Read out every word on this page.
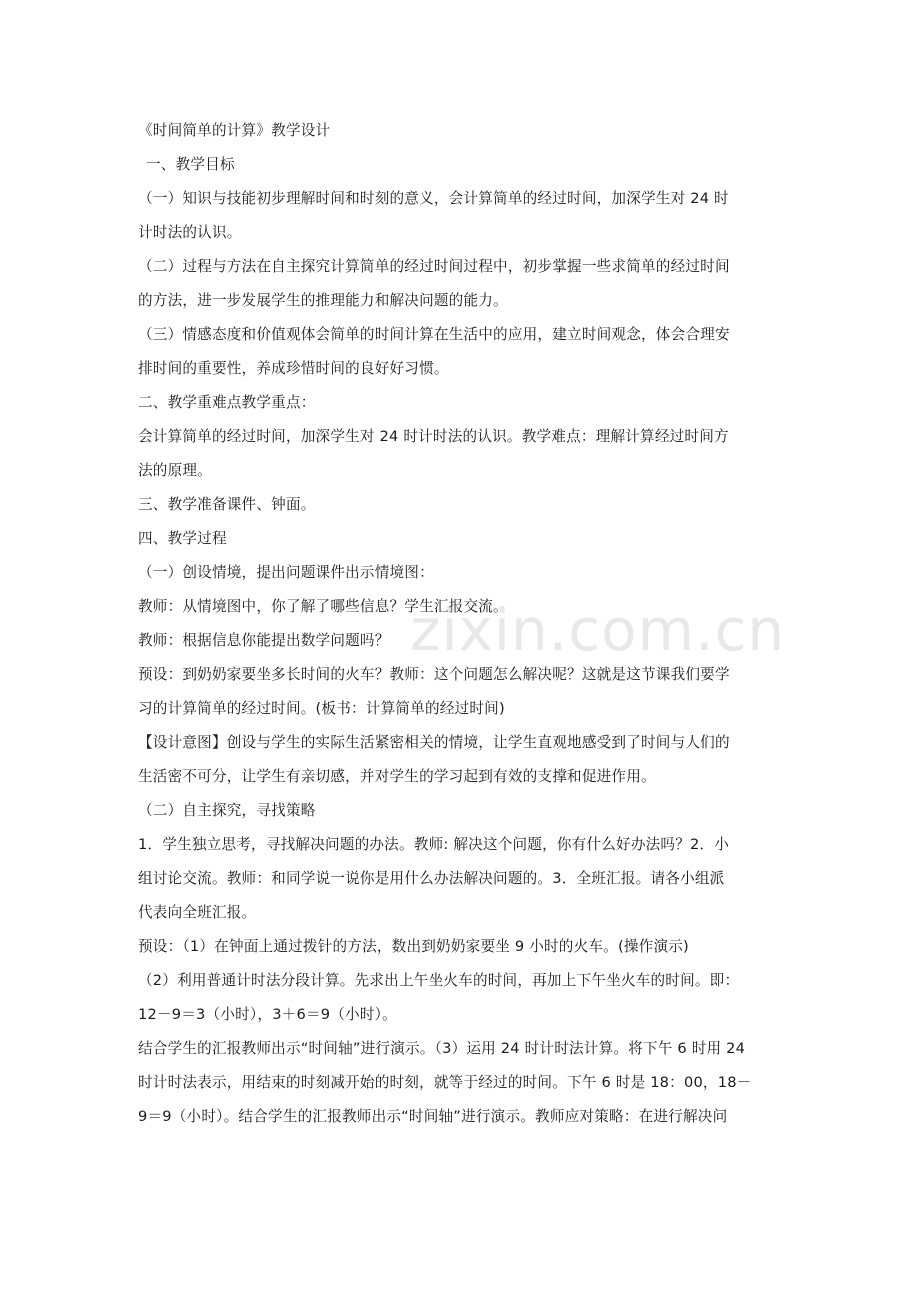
《时间简单的计算》教学设计
一、教学目标
（一）知识与技能初步理解时间和时刻的意义，会计算简单的经过时间，加深学生对 24 时
计时法的认识。
（二）过程与方法在自主探究计算简单的经过时间过程中，初步掌握一些求简单的经过时间
的方法，进一步发展学生的推理能力和解决问题的能力。
（三）情感态度和价值观体会简单的时间计算在生活中的应用，建立时间观念，体会合理安
排时间的重要性，养成珍惜时间的良好好习惯。
二、教学重难点教学重点：
会计算简单的经过时间，加深学生对 24 时计时法的认识。教学难点：理解计算经过时间方
法的原理。
三、教学准备课件、钟面。
四、教学过程
（一）创设情境，提出问题课件出示情境图：
教师：从情境图中，你了解了哪些信息？学生汇报交流。
教师：根据信息你能提出数学问题吗？
预设：到奶奶家要坐多长时间的火车？教师：这个问题怎么解决呢？这就是这节课我们要学
习的计算简单的经过时间。(板书：计算简单的经过时间)
【设计意图】创设与学生的实际生活紧密相关的情境，让学生直观地感受到了时间与人们的
生活密不可分，让学生有亲切感，并对学生的学习起到有效的支撑和促进作用。
（二）自主探究，寻找策略
1．学生独立思考，寻找解决问题的办法。教师: 解决这个问题，你有什么好办法吗？2．小
组讨论交流。教师：和同学说一说你是用什么办法解决问题的。3．全班汇报。请各小组派
代表向全班汇报。
预设：（1）在钟面上通过拨针的方法，数出到奶奶家要坐 9 小时的火车。(操作演示)
（2）利用普通计时法分段计算。先求出上午坐火车的时间，再加上下午坐火车的时间。即：
12－9＝3（小时），3＋6＝9（小时）。
结合学生的汇报教师出示“时间轴”进行演示。（3）运用 24 时计时法计算。将下午 6 时用 24
时计时法表示，用结束的时刻减开始的时刻，就等于经过的时间。下午 6 时是 18：00，18－
9＝9（小时）。结合学生的汇报教师出示“时间轴”进行演示。教师应对策略：在进行解决问
zixin.com.cn
